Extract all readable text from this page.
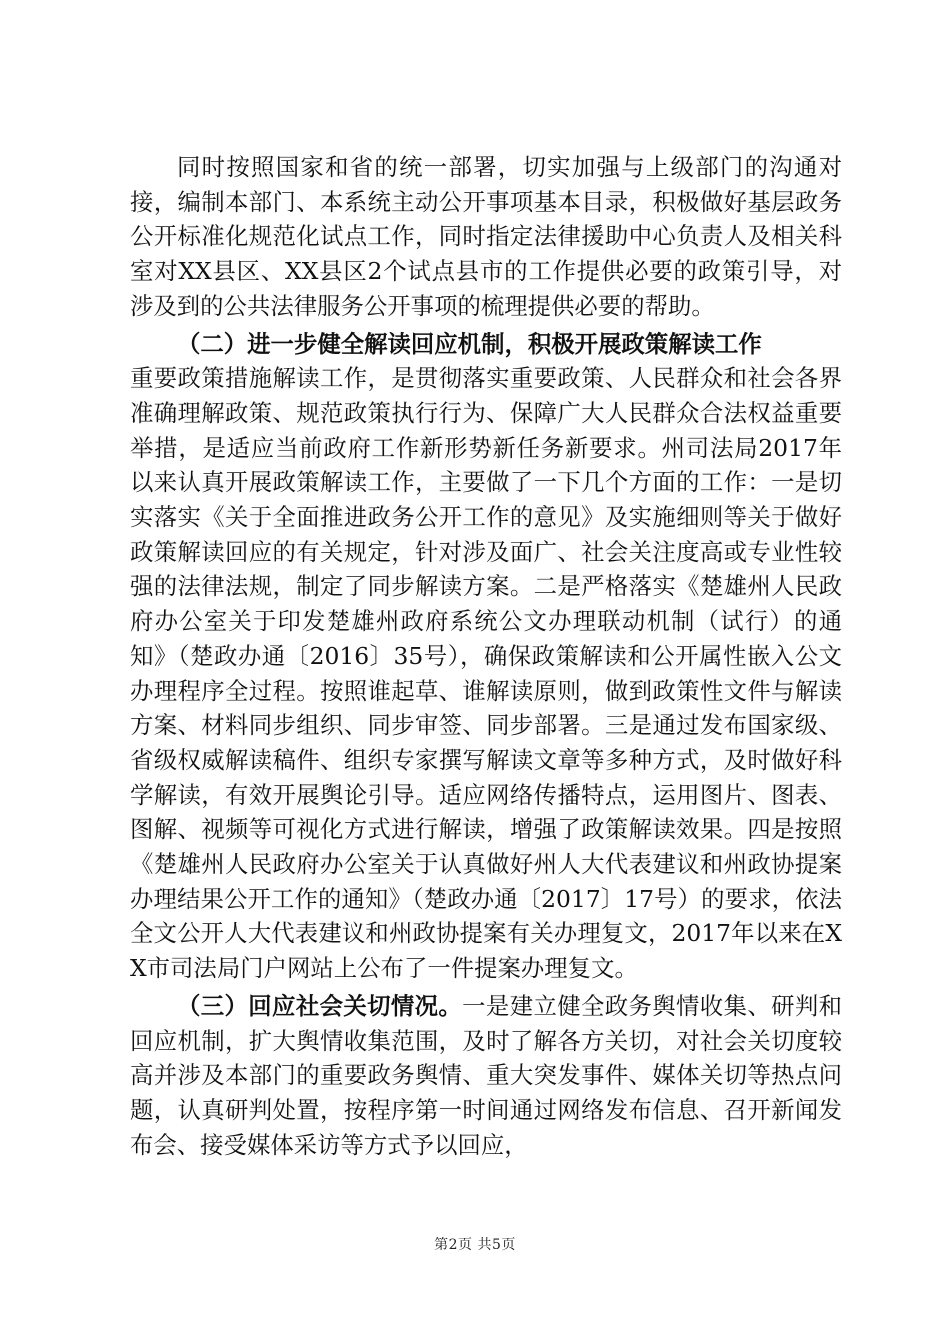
同时按照国家和省的统一部署，切实加强与上级部门的沟通对接，编制本部门、本系统主动公开事项基本目录，积极做好基层政务公开标准化规范化试点工作，同时指定法律援助中心负责人及相关科室对XX县区、XX县区2个试点县市的工作提供必要的政策引导，对涉及到的公共法律服务公开事项的梳理提供必要的帮助。

（二）进一步健全解读回应机制，积极开展政策解读工作

重要政策措施解读工作，是贯彻落实重要政策、人民群众和社会各界准确理解政策、规范政策执行行为、保障广大人民群众合法权益重要举措，是适应当前政府工作新形势新任务新要求。州司法局2017年以来认真开展政策解读工作，主要做了一下几个方面的工作：一是切实落实《关于全面推进政务公开工作的意见》及实施细则等关于做好政策解读回应的有关规定，针对涉及面广、社会关注度高或专业性较强的法律法规，制定了同步解读方案。二是严格落实《楚雄州人民政府办公室关于印发楚雄州政府系统公文办理联动机制（试行）的通知》（楚政办通〔2016〕35号），确保政策解读和公开属性嵌入公文办理程序全过程。按照谁起草、谁解读原则，做到政策性文件与解读方案、材料同步组织、同步审签、同步部署。三是通过发布国家级、省级权威解读稿件、组织专家撰写解读文章等多种方式，及时做好科学解读，有效开展舆论引导。适应网络传播特点，运用图片、图表、图解、视频等可视化方式进行解读，增强了政策解读效果。四是按照《楚雄州人民政府办公室关于认真做好州人大代表建议和州政协提案办理结果公开工作的通知》（楚政办通〔2017〕17号）的要求，依法全文公开人大代表建议和州政协提案有关办理复文，2017年以来在XX市司法局门户网站上公布了一件提案办理复文。

（三）回应社会关切情况。一是建立健全政务舆情收集、研判和回应机制，扩大舆情收集范围，及时了解各方关切，对社会关切度较高并涉及本部门的重要政务舆情、重大突发事件、媒体关切等热点问题，认真研判处置，按程序第一时间通过网络发布信息、召开新闻发布会、接受媒体采访等方式予以回应，

第2页 共5页
